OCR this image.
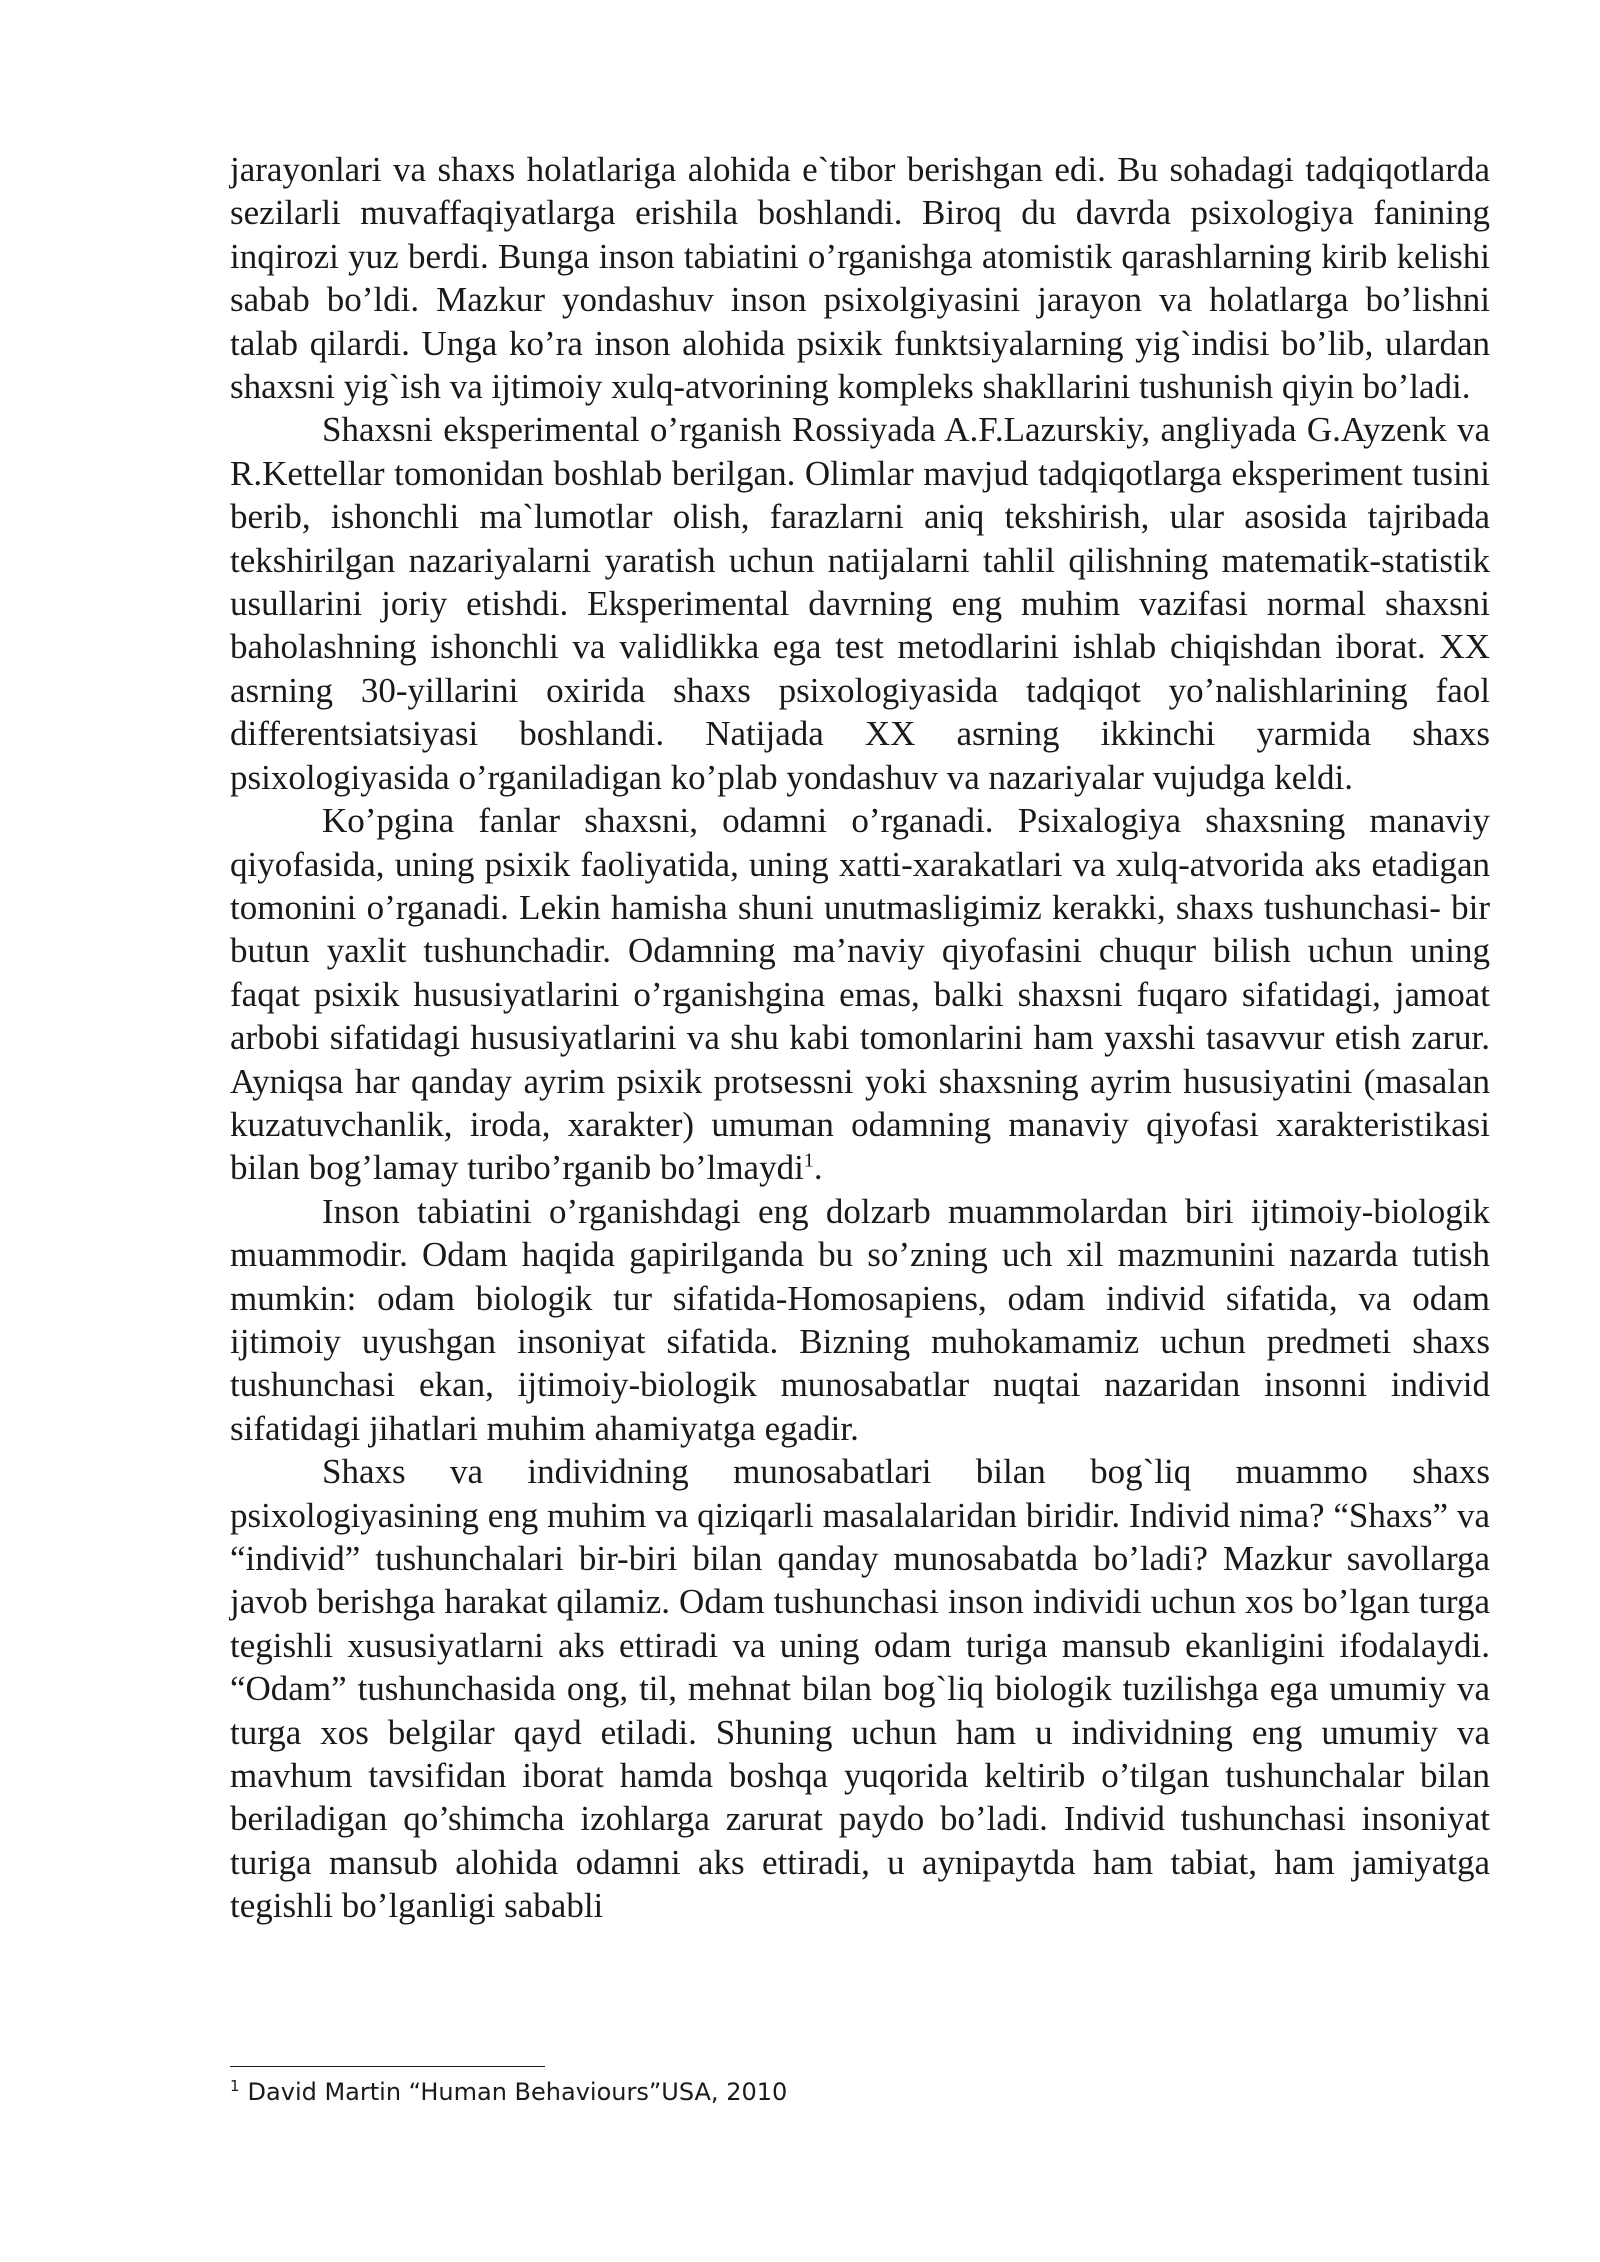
jarayonlari va shaxs holatlariga alohida e`tibor berishgan edi. Bu sohadagi tadqiqotlarda sezilarli muvaffaqiyatlarga erishila boshlandi. Biroq du davrda psixologiya fanining inqirozi yuz berdi. Bunga inson tabiatini o’rganishga atomistik qarashlarning kirib kelishi sabab bo’ldi. Mazkur yondashuv inson psixolgiyasini jarayon va holatlarga bo’lishni talab qilardi. Unga ko’ra inson alohida psixik funktsiyalarning yig`indisi bo’lib, ulardan shaxsni yig`ish va ijtimoiy xulq-atvorining kompleks shakllarini tushunish qiyin bo’ladi.

Shaxsni eksperimental o’rganish Rossiyada A.F.Lazurskiy, angliyada G.Ayzenk va R.Kettellar tomonidan boshlab berilgan. Olimlar mavjud tadqiqotlarga eksperiment tusini berib, ishonchli ma`lumotlar olish, farazlarni aniq tekshirish, ular asosida tajribada tekshirilgan nazariyalarni yaratish uchun natijalarni tahlil qilishning matematik-statistik usullarini joriy etishdi. Eksperimental davrning eng muhim vazifasi normal shaxsni baholashning ishonchli va validlikka ega test metodlarini ishlab chiqishdan iborat. XX asrning 30-yillarini oxirida shaxs psixologiyasida tadqiqot yo’nalishlarining faol differentsiatsiyasi boshlandi. Natijada XX asrning ikkinchi yarmida shaxs psixologiyasida o’rganiladigan ko’plab yondashuv va nazariyalar vujudga keldi.

Ko’pgina fanlar shaxsni, odamni o’rganadi. Psixalogiya shaxsning manaviy qiyofasida, uning psixik faoliyatida, uning xatti-xarakatlari va xulq-atvorida aks etadigan tomonini o’rganadi. Lekin hamisha shuni unutmasligimiz kerakki, shaxs tushunchasi- bir butun yaxlit tushunchadir. Odamning ma’naviy qiyofasini chuqur bilish uchun uning faqat psixik hususiyatlarini o’rganishgina emas, balki shaxsni fuqaro sifatidagi, jamoat arbobi sifatidagi hususiyatlarini va shu kabi tomonlarini ham yaxshi tasavvur etish zarur. Ayniqsa har qanday ayrim psixik protsessni yoki shaxsning ayrim hususiyatini (masalan kuzatuvchanlik, iroda, xarakter) umuman odamning manaviy qiyofasi xarakteristikasi bilan bog’lamay turibo’rganib bo’lmaydi$^1$.

Inson tabiatini o’rganishdagi eng dolzarb muammolardan biri ijtimoiy-biologik muammodir. Odam haqida gapirilganda bu so’zning uch xil mazmunini nazarda tutish mumkin: odam biologik tur sifatida-Homosapiens, odam individ sifatida, va odam ijtimoiy uyushgan insoniyat sifatida. Bizning muhokamamiz uchun predmeti shaxs tushunchasi ekan, ijtimoiy-biologik munosabatlar nuqtai nazaridan insonni individ sifatidagi jihatlari muhim ahamiyatga egadir.

Shaxs va individning munosabatlari bilan bog`liq muammo shaxs psixologiyasining eng muhim va qiziqarli masalalaridan biridir. Individ nima? “Shaxs” va “individ” tushunchalari bir-biri bilan qanday munosabatda bo’ladi? Mazkur savollarga javob berishga harakat qilamiz. Odam tushunchasi inson individi uchun xos bo’lgan turga tegishli xususiyatlarni aks ettiradi va uning odam turiga mansub ekanligini ifodalaydi. “Odam” tushunchasida ong, til, mehnat bilan bog`liq biologik tuzilishga ega umumiy va turga xos belgilar qayd etiladi. Shuning uchun ham u individning eng umumiy va mavhum tavsifidan iborat hamda boshqa yuqorida keltirib o’tilgan tushunchalar bilan beriladigan qo’shimcha izohlarga zarurat paydo bo’ladi. Individ tushunchasi insoniyat turiga mansub alohida odamni aks ettiradi, u aynipaytda ham tabiat, ham jamiyatga tegishli bo’lganligi sababli

$^1$ David Martin “Human Behaviours”USA, 2010
